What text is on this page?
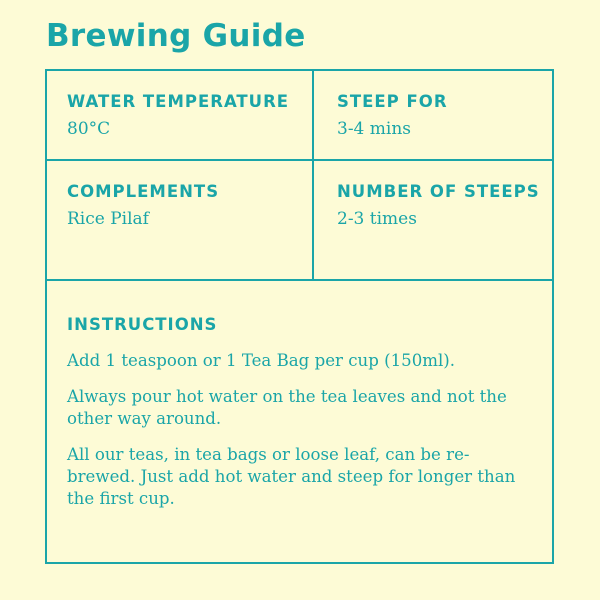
Brewing Guide
WATER TEMPERATURE
80°C
STEEP FOR
3-4 mins
COMPLEMENTS
Rice Pilaf
NUMBER OF STEEPS
2-3 times
INSTRUCTIONS

Add 1 teaspoon or 1 Tea Bag per cup (150ml).

Always pour hot water on the tea leaves and not the other way around.

All our teas, in tea bags or loose leaf, can be re-brewed. Just add hot water and steep for longer than the first cup.
